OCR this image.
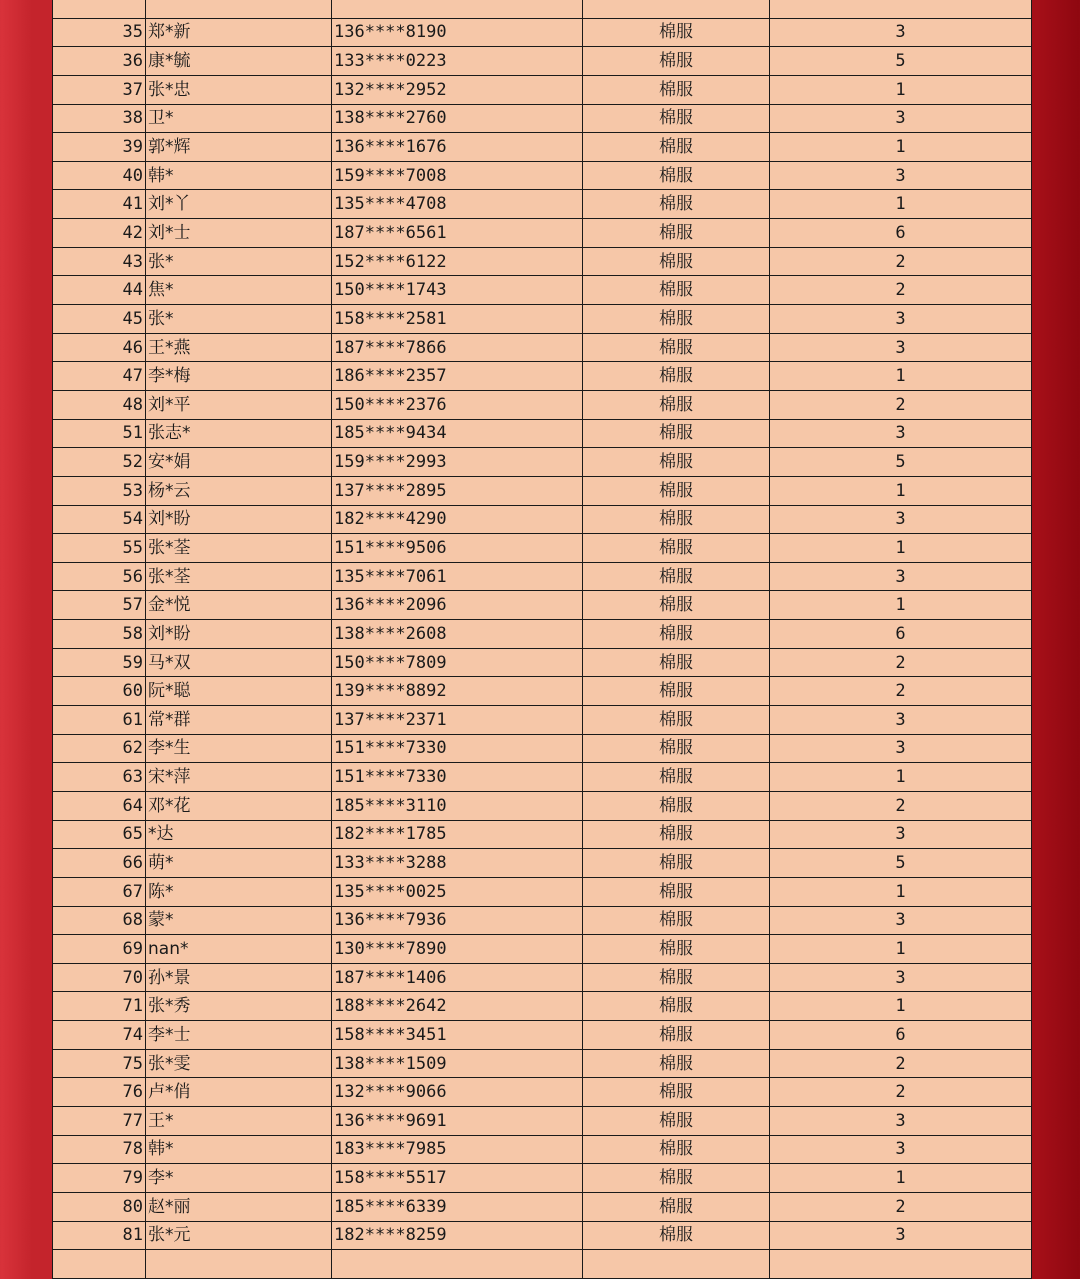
35	郑*新	136****8190	棉服	3
36	康*毓	133****0223	棉服	5
37	张*忠	132****2952	棉服	1
38	卫*	138****2760	棉服	3
39	郭*辉	136****1676	棉服	1
40	韩*	159****7008	棉服	3
41	刘*丫	135****4708	棉服	1
42	刘*士	187****6561	棉服	6
43	张*	152****6122	棉服	2
44	焦*	150****1743	棉服	2
45	张*	158****2581	棉服	3
46	王*燕	187****7866	棉服	3
47	李*梅	186****2357	棉服	1
48	刘*平	150****2376	棉服	2
51	张志*	185****9434	棉服	3
52	安*娟	159****2993	棉服	5
53	杨*云	137****2895	棉服	1
54	刘*盼	182****4290	棉服	3
55	张*荃	151****9506	棉服	1
56	张*荃	135****7061	棉服	3
57	金*悦	136****2096	棉服	1
58	刘*盼	138****2608	棉服	6
59	马*双	150****7809	棉服	2
60	阮*聪	139****8892	棉服	2
61	常*群	137****2371	棉服	3
62	李*生	151****7330	棉服	3
63	宋*萍	151****7330	棉服	1
64	邓*花	185****3110	棉服	2
65	*达	182****1785	棉服	3
66	萌*	133****3288	棉服	5
67	陈*	135****0025	棉服	1
68	蒙*	136****7936	棉服	3
69	nan*	130****7890	棉服	1
70	孙*景	187****1406	棉服	3
71	张*秀	188****2642	棉服	1
74	李*士	158****3451	棉服	6
75	张*雯	138****1509	棉服	2
76	卢*俏	132****9066	棉服	2
77	王*	136****9691	棉服	3
78	韩*	183****7985	棉服	3
79	李*	158****5517	棉服	1
80	赵*丽	185****6339	棉服	2
81	张*元	182****8259	棉服	3
